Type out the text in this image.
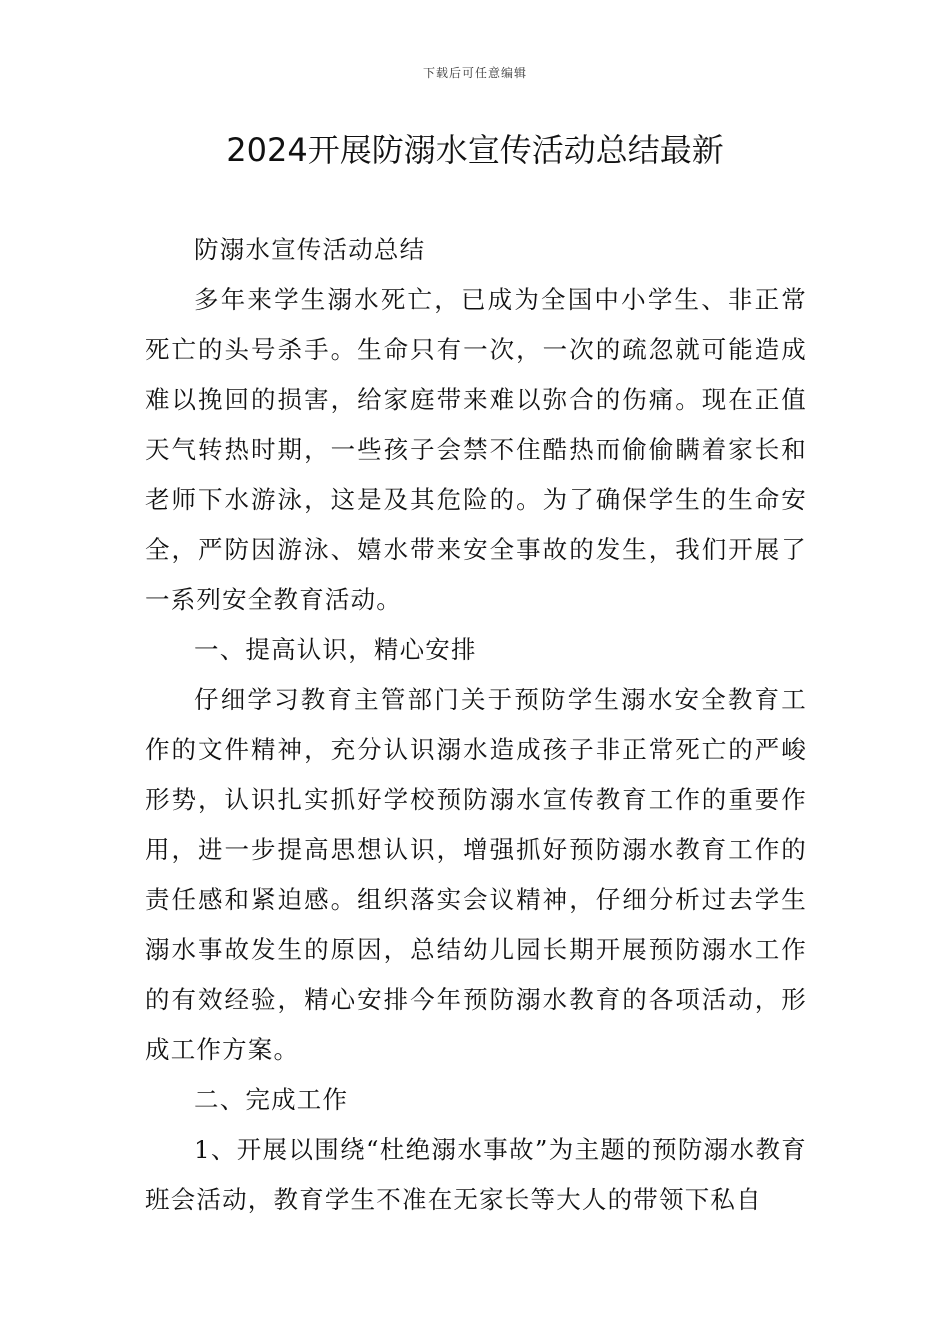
下载后可任意编辑
2024开展防溺水宣传活动总结最新

防溺水宣传活动总结

多年来学生溺水死亡，已成为全国中小学生、非正常死亡的头号杀手。生命只有一次，一次的疏忽就可能造成难以挽回的损害，给家庭带来难以弥合的伤痛。现在正值天气转热时期，一些孩子会禁不住酷热而偷偷瞒着家长和老师下水游泳，这是及其危险的。为了确保学生的生命安全，严防因游泳、嬉水带来安全事故的发生，我们开展了一系列安全教育活动。

一、提高认识，精心安排

仔细学习教育主管部门关于预防学生溺水安全教育工作的文件精神，充分认识溺水造成孩子非正常死亡的严峻形势，认识扎实抓好学校预防溺水宣传教育工作的重要作用，进一步提高思想认识，增强抓好预防溺水教育工作的责任感和紧迫感。组织落实会议精神，仔细分析过去学生溺水事故发生的原因，总结幼儿园长期开展预防溺水工作的有效经验，精心安排今年预防溺水教育的各项活动，形成工作方案。

二、完成工作

1、开展以围绕“杜绝溺水事故”为主题的预防溺水教育班会活动，教育学生不准在无家长等大人的带领下私自
